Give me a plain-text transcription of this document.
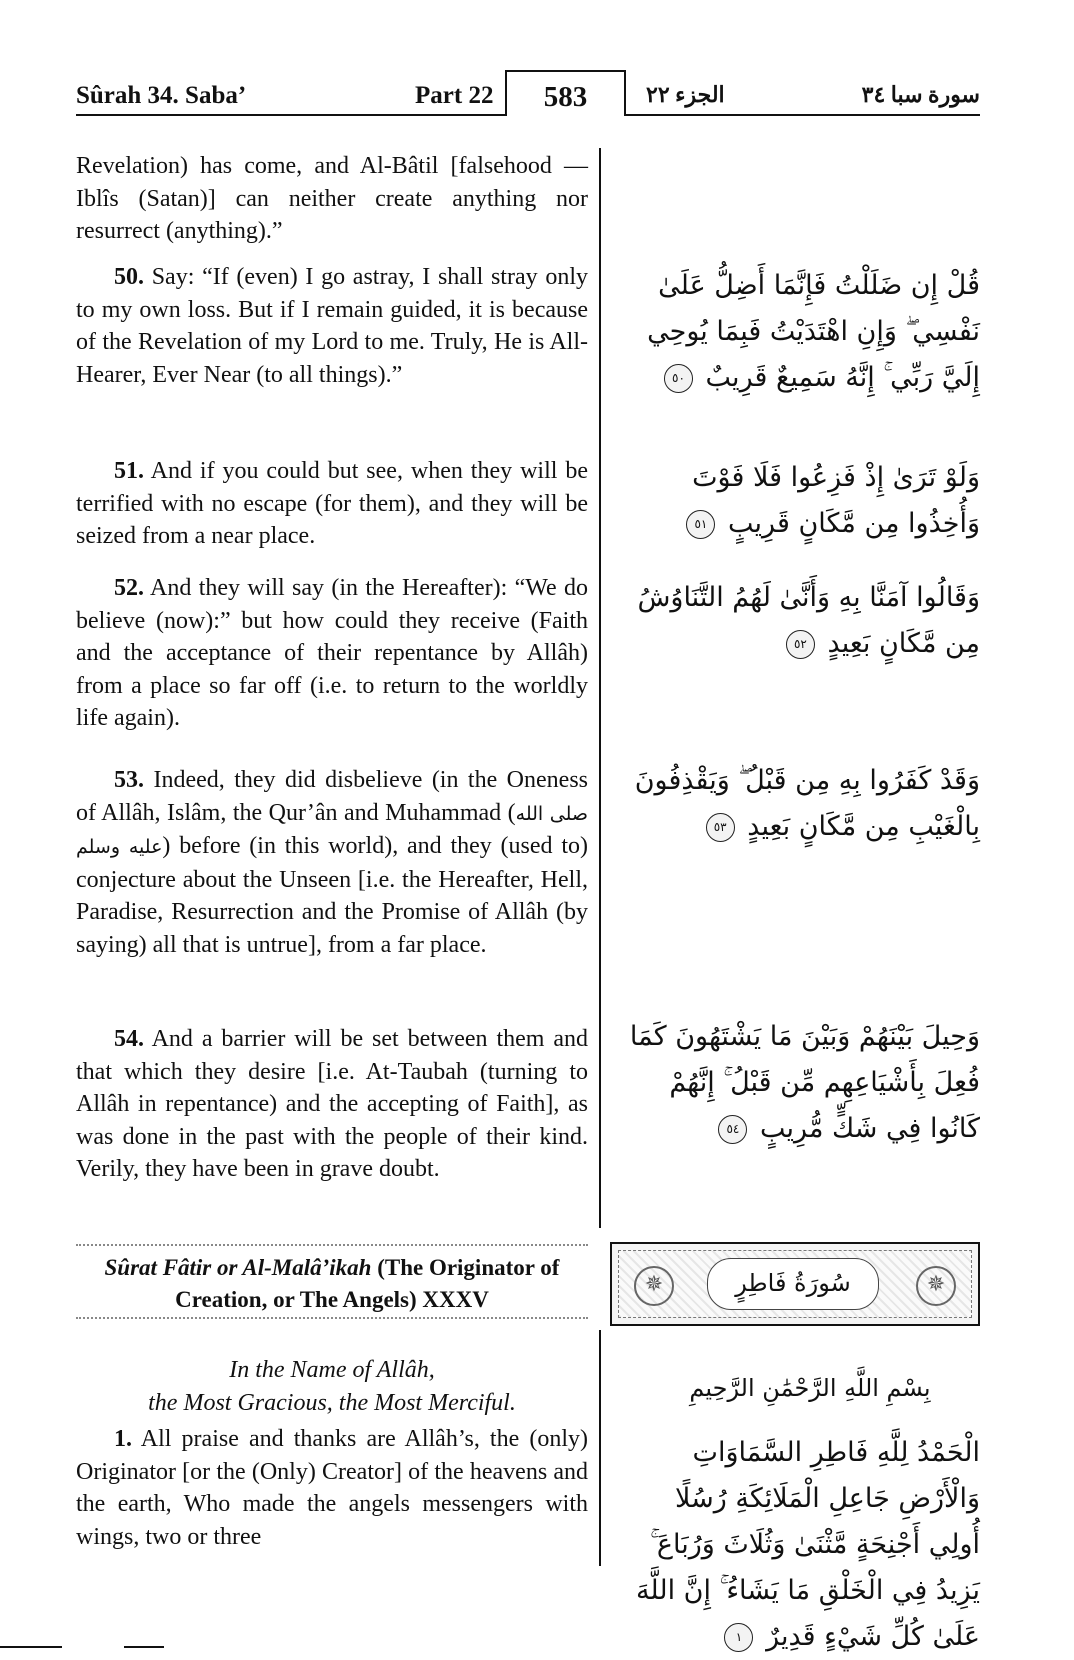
Sûrah 34. Saba’	Part 22	الجزء ٢٢	سورة سبا ٣٤
583

Revelation) has come, and Al-Bâtil [falsehood — Iblîs (Satan)] can neither create anything nor resurrect (anything).”

50. Say: “If (even) I go astray, I shall stray only to my own loss. But if I remain guided, it is because of the Revelation of my Lord to me. Truly, He is All-Hearer, Ever Near (to all things).”

51. And if you could but see, when they will be terrified with no escape (for them), and they will be seized from a near place.

52. And they will say (in the Hereafter): “We do believe (now):” but how could they receive (Faith and the acceptance of their repentance by Allâh) from a place so far off (i.e. to return to the worldly life again).

53. Indeed, they did disbelieve (in the Oneness of Allâh, Islâm, the Qur’ân and Muhammad (صلى الله عليه وسلم) before (in this world), and they (used to) conjecture about the Unseen [i.e. the Hereafter, Hell, Paradise, Resurrection and the Promise of Allâh (by saying) all that is untrue], from a far place.

54. And a barrier will be set between them and that which they desire [i.e. At-Taubah (turning to Allâh in repentance) and the accepting of Faith], as was done in the past with the people of their kind. Verily, they have been in grave doubt.

قُلْ إِن ضَلَلْتُ فَإِنَّمَا أَضِلُّ عَلَىٰ نَفْسِي ۖ وَإِنِ اهْتَدَيْتُ فَبِمَا يُوحِي إِلَيَّ رَبِّي ۚ إِنَّهُ سَمِيعٌ قَرِيبٌ ٥٠
وَلَوْ تَرَىٰ إِذْ فَزِعُوا فَلَا فَوْتَ وَأُخِذُوا مِن مَّكَانٍ قَرِيبٍ ٥١
وَقَالُوا آمَنَّا بِهِ وَأَنَّىٰ لَهُمُ التَّنَاوُشُ مِن مَّكَانٍ بَعِيدٍ ٥٢
وَقَدْ كَفَرُوا بِهِ مِن قَبْلُ ۖ وَيَقْذِفُونَ بِالْغَيْبِ مِن مَّكَانٍ بَعِيدٍ ٥٣
وَحِيلَ بَيْنَهُمْ وَبَيْنَ مَا يَشْتَهُونَ كَمَا فُعِلَ بِأَشْيَاعِهِم مِّن قَبْلُ ۚ إِنَّهُمْ كَانُوا فِي شَكٍّ مُّرِيبٍ ٥٤
Sûrat Fâtir or Al-Malâ’ikah (The Originator of Creation, or The Angels) XXXV
✵	✵
سُورَةُ فَاطِرٍ
In the Name of Allâh,
the Most Gracious, the Most Merciful.
بِسْمِ اللَّهِ الرَّحْمَٰنِ الرَّحِيمِ

1. All praise and thanks are Allâh’s, the (only) Originator [or the (Only) Creator] of the heavens and the earth, Who made the angels messengers with wings, two or three

الْحَمْدُ لِلَّهِ فَاطِرِ السَّمَاوَاتِ وَالْأَرْضِ جَاعِلِ الْمَلَائِكَةِ رُسُلًا أُولِي أَجْنِحَةٍ مَّثْنَىٰ وَثُلَاثَ وَرُبَاعَ ۚ يَزِيدُ فِي الْخَلْقِ مَا يَشَاءُ ۚ إِنَّ اللَّهَ عَلَىٰ كُلِّ شَيْءٍ قَدِيرٌ ١
